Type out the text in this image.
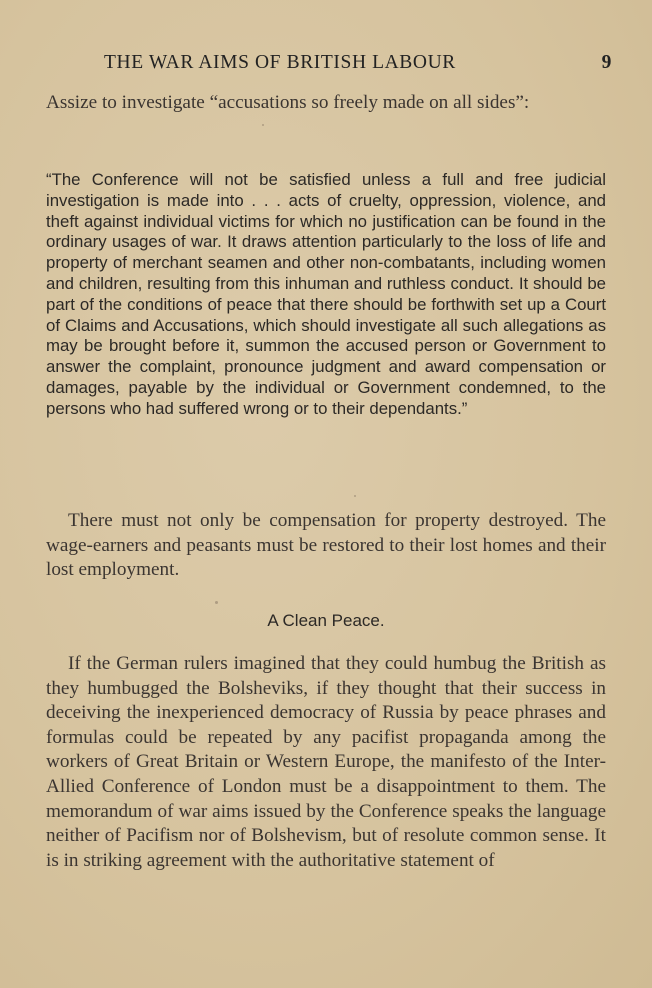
THE WAR AIMS OF BRITISH LABOUR	9

Assize to investigate “accusations so freely made on all sides”:

“The Conference will not be satisfied unless a full and free judicial investigation is made into . . . acts of cruelty, oppression, violence, and theft against individual victims for which no justification can be found in the ordinary usages of war. It draws attention particularly to the loss of life and property of merchant seamen and other non-combatants, including women and children, resulting from this inhuman and ruthless conduct. It should be part of the conditions of peace that there should be forthwith set up a Court of Claims and Accusations, which should investigate all such allegations as may be brought before it, summon the accused person or Government to answer the complaint, pronounce judgment and award compensation or damages, payable by the individual or Government condemned, to the persons who had suffered wrong or to their dependants.”

There must not only be compensation for property destroyed. The wage-earners and peasants must be restored to their lost homes and their lost employment.

A Clean Peace.

If the German rulers imagined that they could humbug the British as they humbugged the Bolsheviks, if they thought that their success in deceiving the inexperienced democracy of Russia by peace phrases and formulas could be repeated by any pacifist propaganda among the workers of Great Britain or Western Europe, the manifesto of the Inter-Allied Conference of London must be a disappointment to them. The memorandum of war aims issued by the Conference speaks the language neither of Pacifism nor of Bolshevism, but of resolute common sense. It is in striking agreement with the authoritative statement of
